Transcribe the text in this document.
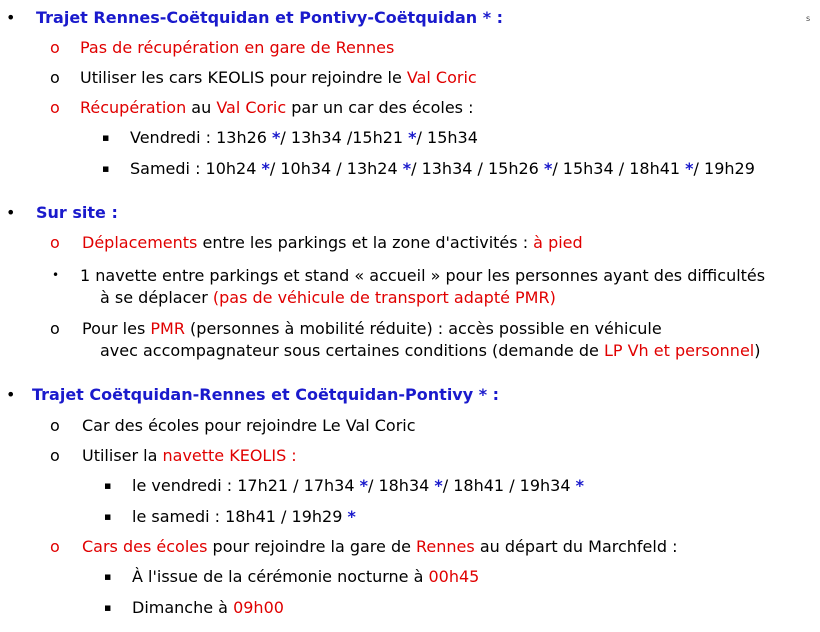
s
• Trajet Rennes-Coëtquidan et Pontivy-Coëtquidan * :
o Pas de récupération en gare de Rennes
o Utiliser les cars KEOLIS pour rejoindre le Val Coric
o Récupération au Val Coric par un car des écoles :
▪ Vendredi : 13h26 */ 13h34 /15h21 */ 15h34
▪ Samedi : 10h24 */ 10h34 / 13h24 */ 13h34 / 15h26 */ 15h34 / 18h41 */ 19h29
• Sur site :
o Déplacements entre les parkings et la zone d'activités : à pied
• 1 navette entre parkings et stand « accueil » pour les personnes ayant des difficultés
à se déplacer (pas de véhicule de transport adapté PMR)
o Pour les PMR (personnes à mobilité réduite) : accès possible en véhicule
avec accompagnateur sous certaines conditions (demande de LP Vh et personnel)
• Trajet Coëtquidan-Rennes et Coëtquidan-Pontivy * :
o Car des écoles pour rejoindre Le Val Coric
o Utiliser la navette KEOLIS :
▪ le vendredi : 17h21 / 17h34 */ 18h34 */ 18h41 / 19h34 *
▪ le samedi : 18h41 / 19h29 *
o Cars des écoles pour rejoindre la gare de Rennes au départ du Marchfeld :
▪ À l'issue de la cérémonie nocturne à 00h45
▪ Dimanche à 09h00
